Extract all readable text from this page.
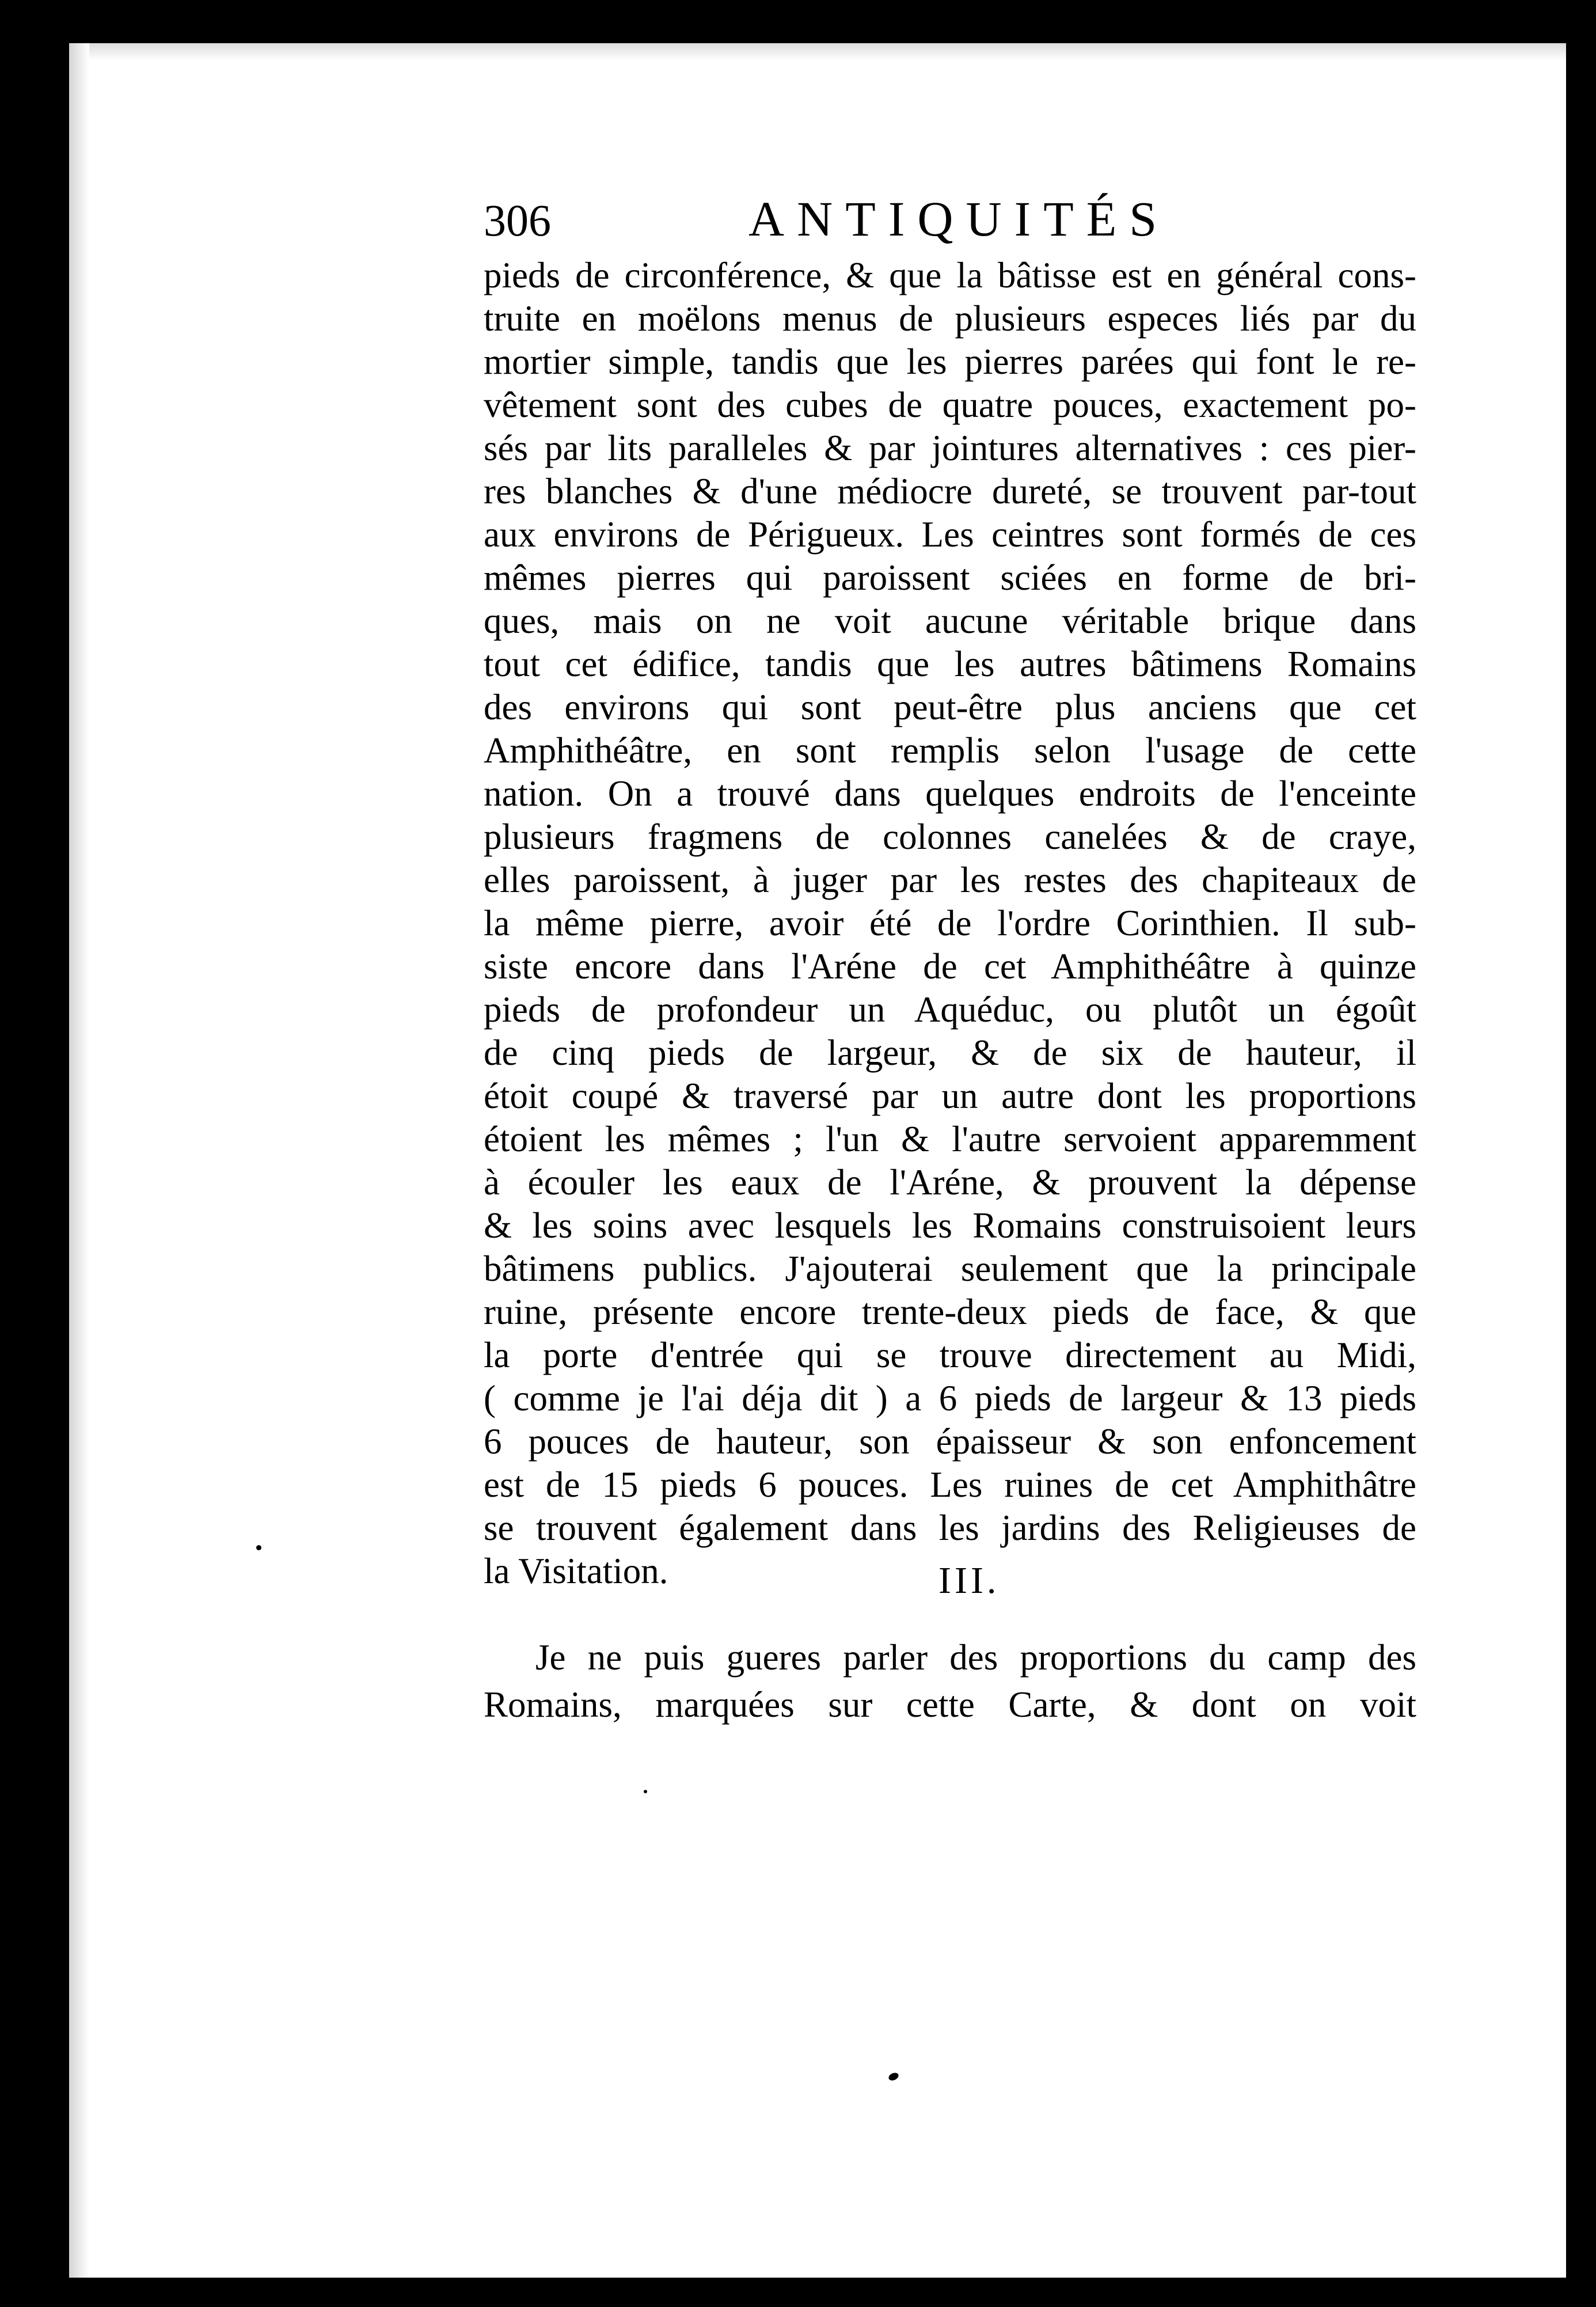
306	ANTIQUITÉS
pieds de circonférence, & que la bâtisse est en général cons-
truite en moëlons menus de plusieurs especes liés par du
mortier simple, tandis que les pierres parées qui font le re-
vêtement sont des cubes de quatre pouces, exactement po-
sés par lits paralleles & par jointures alternatives : ces pier-
res blanches & d'une médiocre dureté, se trouvent par-tout
aux environs de Périgueux. Les ceintres sont formés de ces
mêmes pierres qui paroissent sciées en forme de bri-
ques, mais on ne voit aucune véritable brique dans
tout cet édifice, tandis que les autres bâtimens Romains
des environs qui sont peut-être plus anciens que cet
Amphithéâtre, en sont remplis selon l'usage de cette
nation. On a trouvé dans quelques endroits de l'enceinte
plusieurs fragmens de colonnes canelées & de craye,
elles paroissent, à juger par les restes des chapiteaux de
la même pierre, avoir été de l'ordre Corinthien. Il sub-
siste encore dans l'Aréne de cet Amphithéâtre à quinze
pieds de profondeur un Aquéduc, ou plutôt un égoût
de cinq pieds de largeur, & de six de hauteur, il
étoit coupé & traversé par un autre dont les proportions
étoient les mêmes ; l'un & l'autre servoient apparemment
à écouler les eaux de l'Aréne, & prouvent la dépense
& les soins avec lesquels les Romains construisoient leurs
bâtimens publics. J'ajouterai seulement que la principale
ruine, présente encore trente-deux pieds de face, & que
la porte d'entrée qui se trouve directement au Midi,
( comme je l'ai déja dit ) a 6 pieds de largeur & 13 pieds
6 pouces de hauteur, son épaisseur & son enfoncement
est de 15 pieds 6 pouces. Les ruines de cet Amphithâtre
se trouvent également dans les jardins des Religieuses de
la Visitation.	III.
Je ne puis gueres parler des proportions du camp des
Romains, marquées sur cette Carte, & dont on voit
